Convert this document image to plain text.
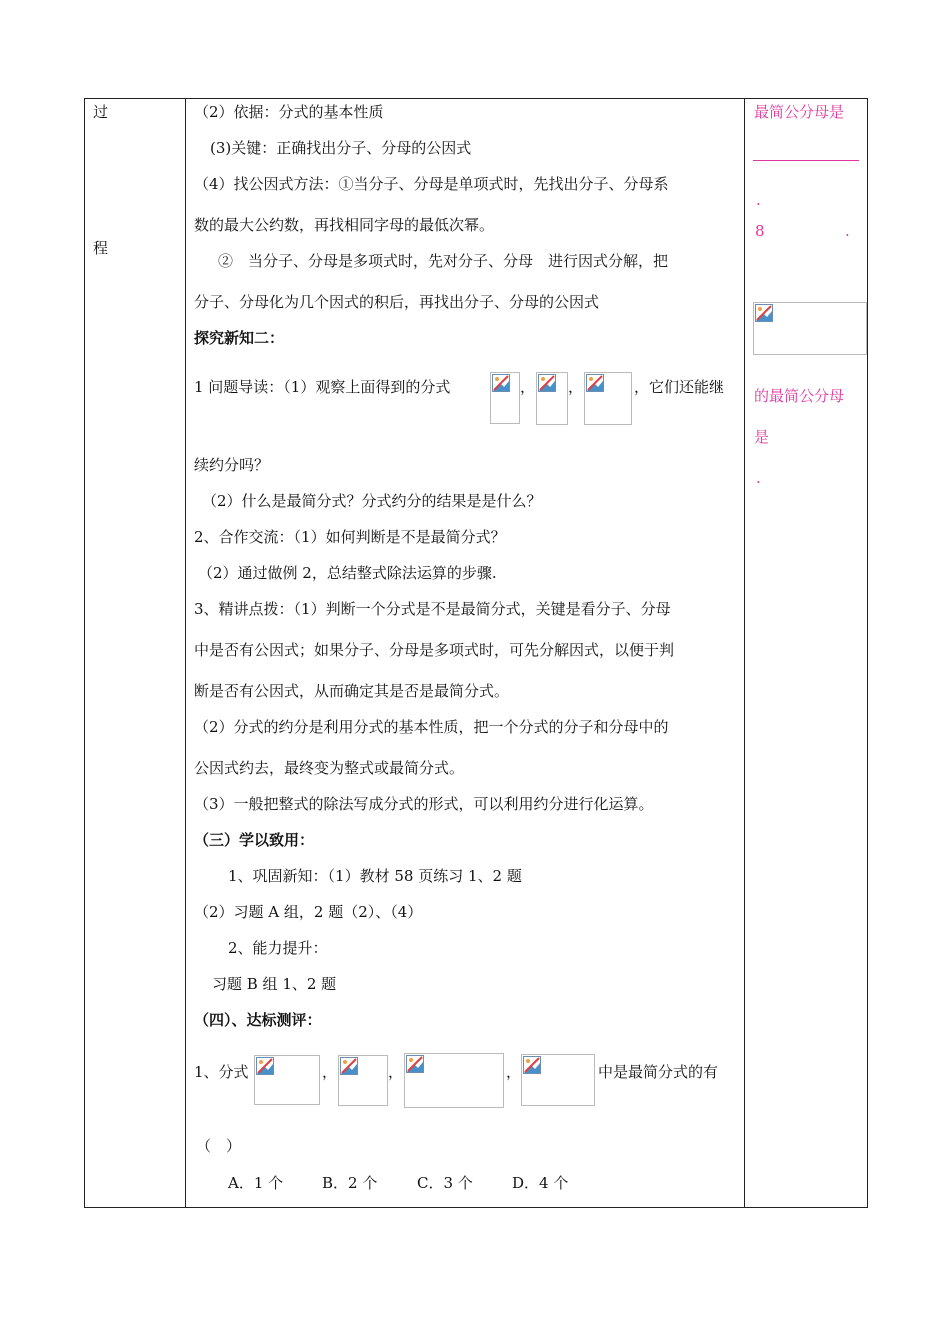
过
程
（2）依据：分式的基本性质
(3)关键：正确找出分子、分母的公因式
（4）找公因式方法：①当分子、分母是单项式时，先找出分子、分母系
数的最大公约数，再找相同字母的最低次幂。
②　当分子、分母是多项式时，先对分子、分母　进行因式分解，把
分子、分母化为几个因式的积后，再找出分子、分母的公因式
探究新知二：
1 问题导读：（1）观察上面得到的分式	， ，	，它们还能继
续约分吗？
（2）什么是最简分式？分式约分的结果是是什么？
2、合作交流：（1）如何判断是不是最简分式？
（2）通过做例 2，总结整式除法运算的步骤.
3、精讲点拨：（1）判断一个分式是不是最简分式，关键是看分子、分母
中是否有公因式；如果分子、分母是多项式时，可先分解因式，以便于判
断是否有公因式，从而确定其是否是最简分式。
（2）分式的约分是利用分式的基本性质，把一个分式的分子和分母中的
公因式约去，最终变为整式或最简分式。
（3）一般把整式的除法写成分式的形式，可以利用约分进行化运算。
（三）学以致用：
1、巩固新知：（1）教材 58 页练习 1、2 题
（2）习题 A 组，2 题（2）、（4）
2、能力提升：
习题 B 组 1、2 题
（四）、达标测评：
1、分式	，	，	，	中是最简分式的有
（　）
A．1 个	B．2 个	C．3 个	D．4 个
最简公分母是
.
8	.
的最简公分母
是
.
